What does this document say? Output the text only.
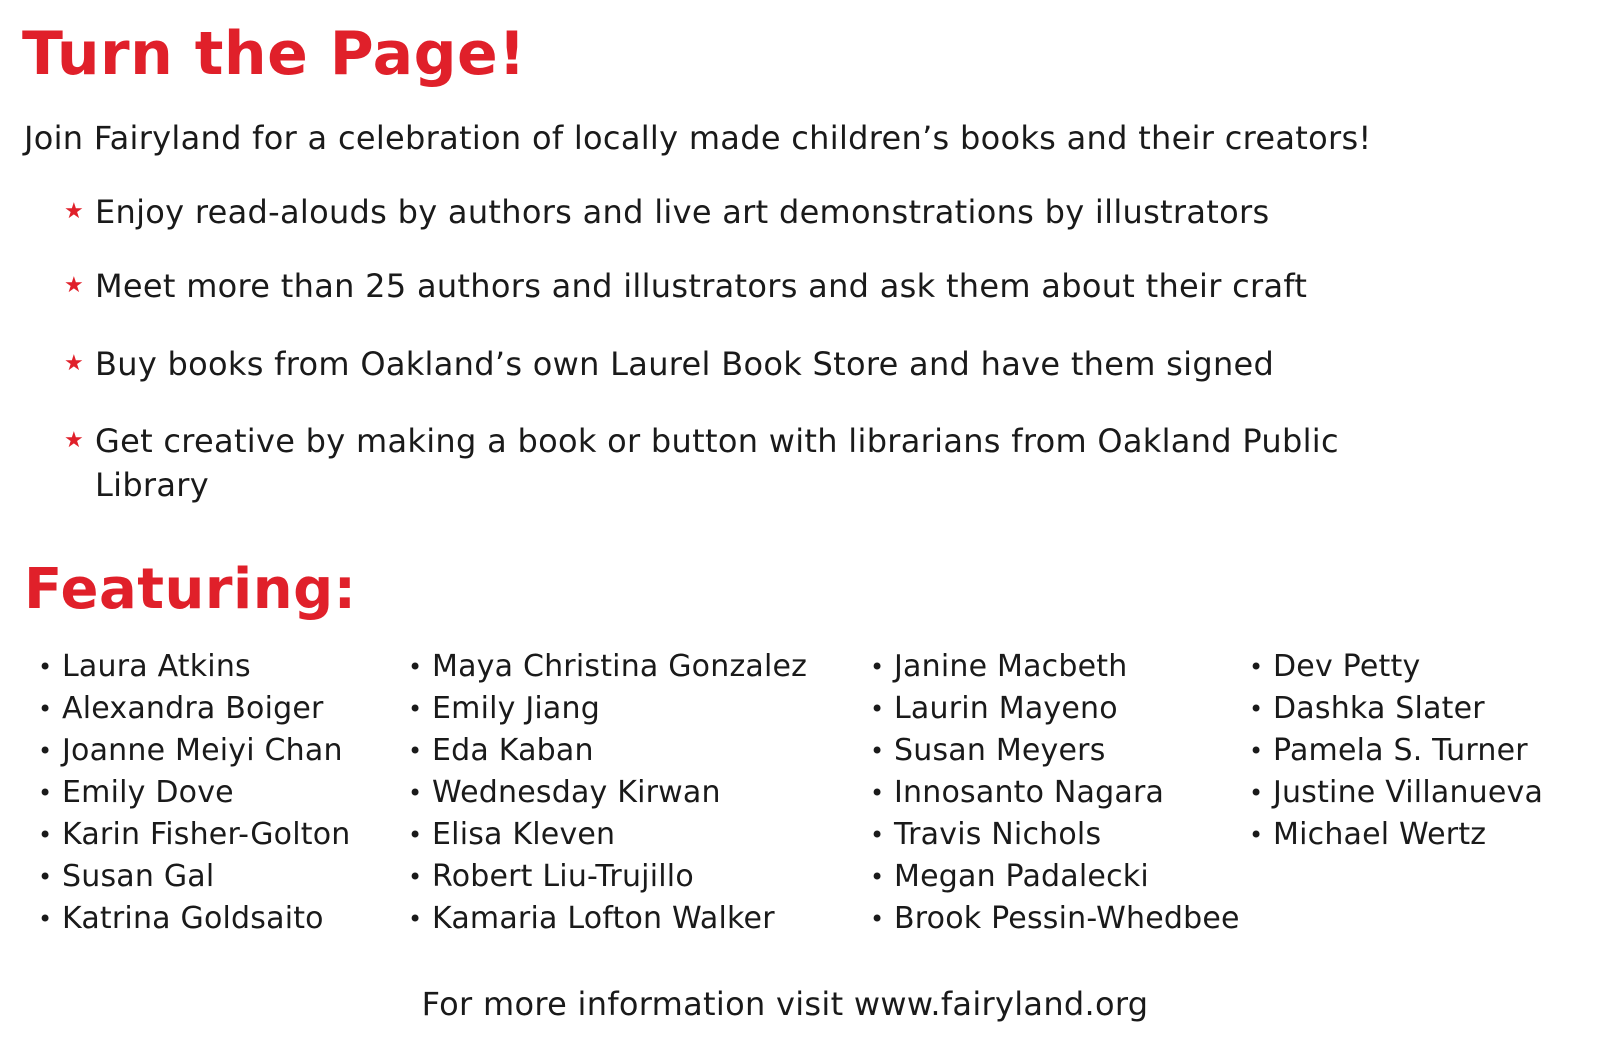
Turn the Page!

Join Fairyland for a celebration of locally made children’s books and their creators!

★ Enjoy read-alouds by authors and live art demonstrations by illustrators
★ Meet more than 25 authors and illustrators and ask them about their craft
★ Buy books from Oakland’s own Laurel Book Store and have them signed
★ Get creative by making a book or button with librarians from Oakland Public Library
Featuring:
• Laura Atkins
• Alexandra Boiger
• Joanne Meiyi Chan
• Emily Dove
• Karin Fisher-Golton
• Susan Gal
• Katrina Goldsaito
• Maya Christina Gonzalez
• Emily Jiang
• Eda Kaban
• Wednesday Kirwan
• Elisa Kleven
• Robert Liu-Trujillo
• Kamaria Lofton Walker
• Janine Macbeth
• Laurin Mayeno
• Susan Meyers
• Innosanto Nagara
• Travis Nichols
• Megan Padalecki
• Brook Pessin-Whedbee
• Dev Petty
• Dashka Slater
• Pamela S. Turner
• Justine Villanueva
• Michael Wertz
For more information visit www.fairyland.org
